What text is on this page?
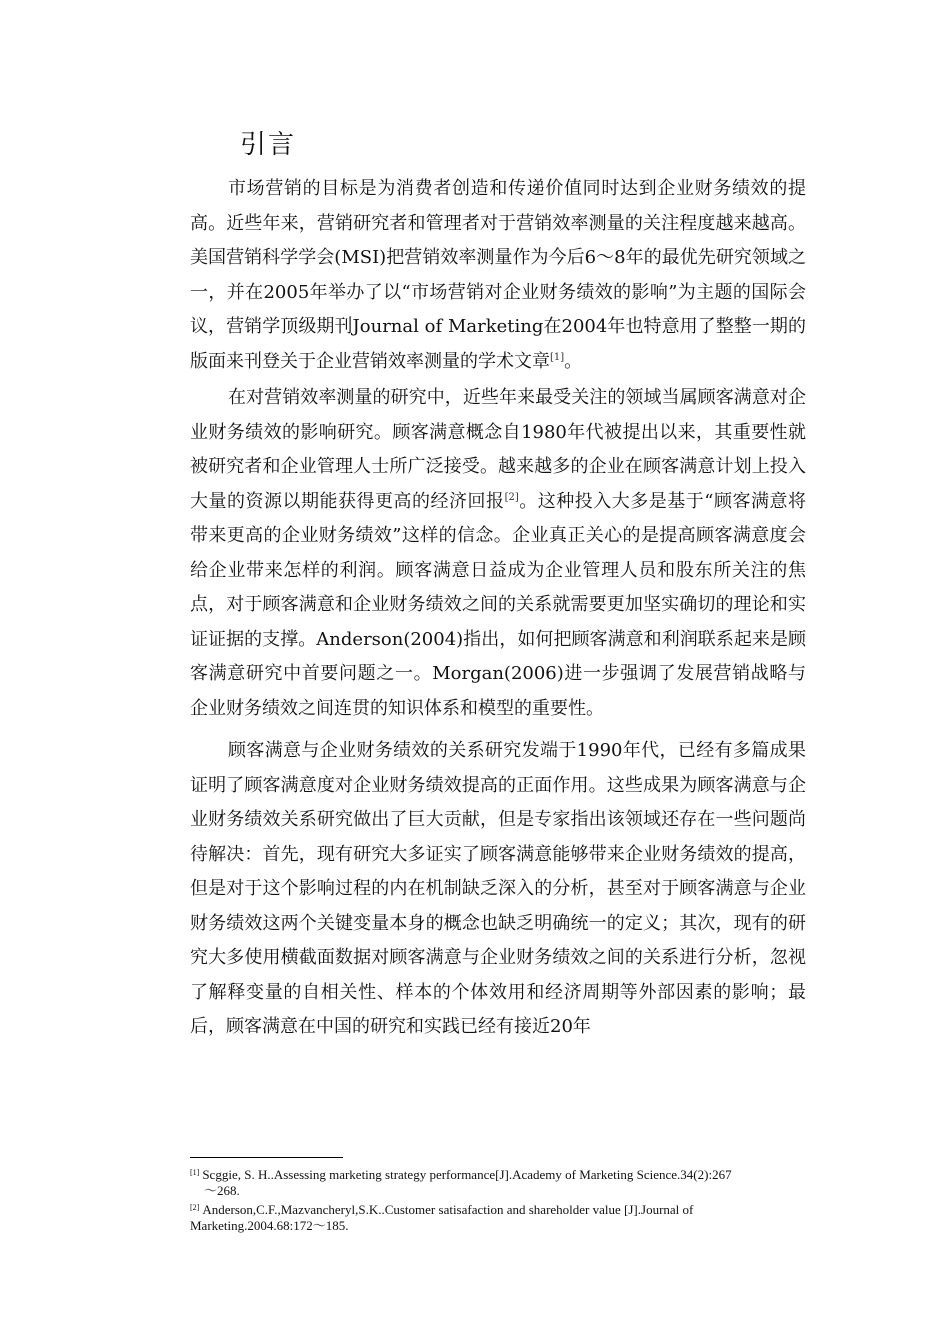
引言

市场营销的目标是为消费者创造和传递价值同时达到企业财务绩效的提高。近些年来，营销研究者和管理者对于营销效率测量的关注程度越来越高。美国营销科学学会(MSI)把营销效率测量作为今后6～8年的最优先研究领域之一，并在2005年举办了以“市场营销对企业财务绩效的影响”为主题的国际会议，营销学顶级期刊Journal of Marketing在2004年也特意用了整整一期的版面来刊登关于企业营销效率测量的学术文章[1]。

在对营销效率测量的研究中，近些年来最受关注的领域当属顾客满意对企业财务绩效的影响研究。顾客满意概念自1980年代被提出以来，其重要性就被研究者和企业管理人士所广泛接受。越来越多的企业在顾客满意计划上投入大量的资源以期能获得更高的经济回报[2]。这种投入大多是基于“顾客满意将带来更高的企业财务绩效”这样的信念。企业真正关心的是提高顾客满意度会给企业带来怎样的利润。顾客满意日益成为企业管理人员和股东所关注的焦点，对于顾客满意和企业财务绩效之间的关系就需要更加坚实确切的理论和实证证据的支撑。Anderson(2004)指出，如何把顾客满意和利润联系起来是顾客满意研究中首要问题之一。Morgan(2006)进一步强调了发展营销战略与企业财务绩效之间连贯的知识体系和模型的重要性。

顾客满意与企业财务绩效的关系研究发端于1990年代，已经有多篇成果证明了顾客满意度对企业财务绩效提高的正面作用。这些成果为顾客满意与企业财务绩效关系研究做出了巨大贡献，但是专家指出该领域还存在一些问题尚待解决：首先，现有研究大多证实了顾客满意能够带来企业财务绩效的提高，但是对于这个影响过程的内在机制缺乏深入的分析，甚至对于顾客满意与企业财务绩效这两个关键变量本身的概念也缺乏明确统一的定义；其次，现有的研究大多使用横截面数据对顾客满意与企业财务绩效之间的关系进行分析，忽视了解释变量的自相关性、样本的个体效用和经济周期等外部因素的影响；最后，顾客满意在中国的研究和实践已经有接近20年

[1] Scggie, S. H..Assessing marketing strategy performance[J].Academy of Marketing Science.34(2):267
～268.

[2] Anderson,C.F.,Mazvancheryl,S.K..Customer satisafaction and shareholder value [J].Journal of Marketing.2004.68:172～185.
